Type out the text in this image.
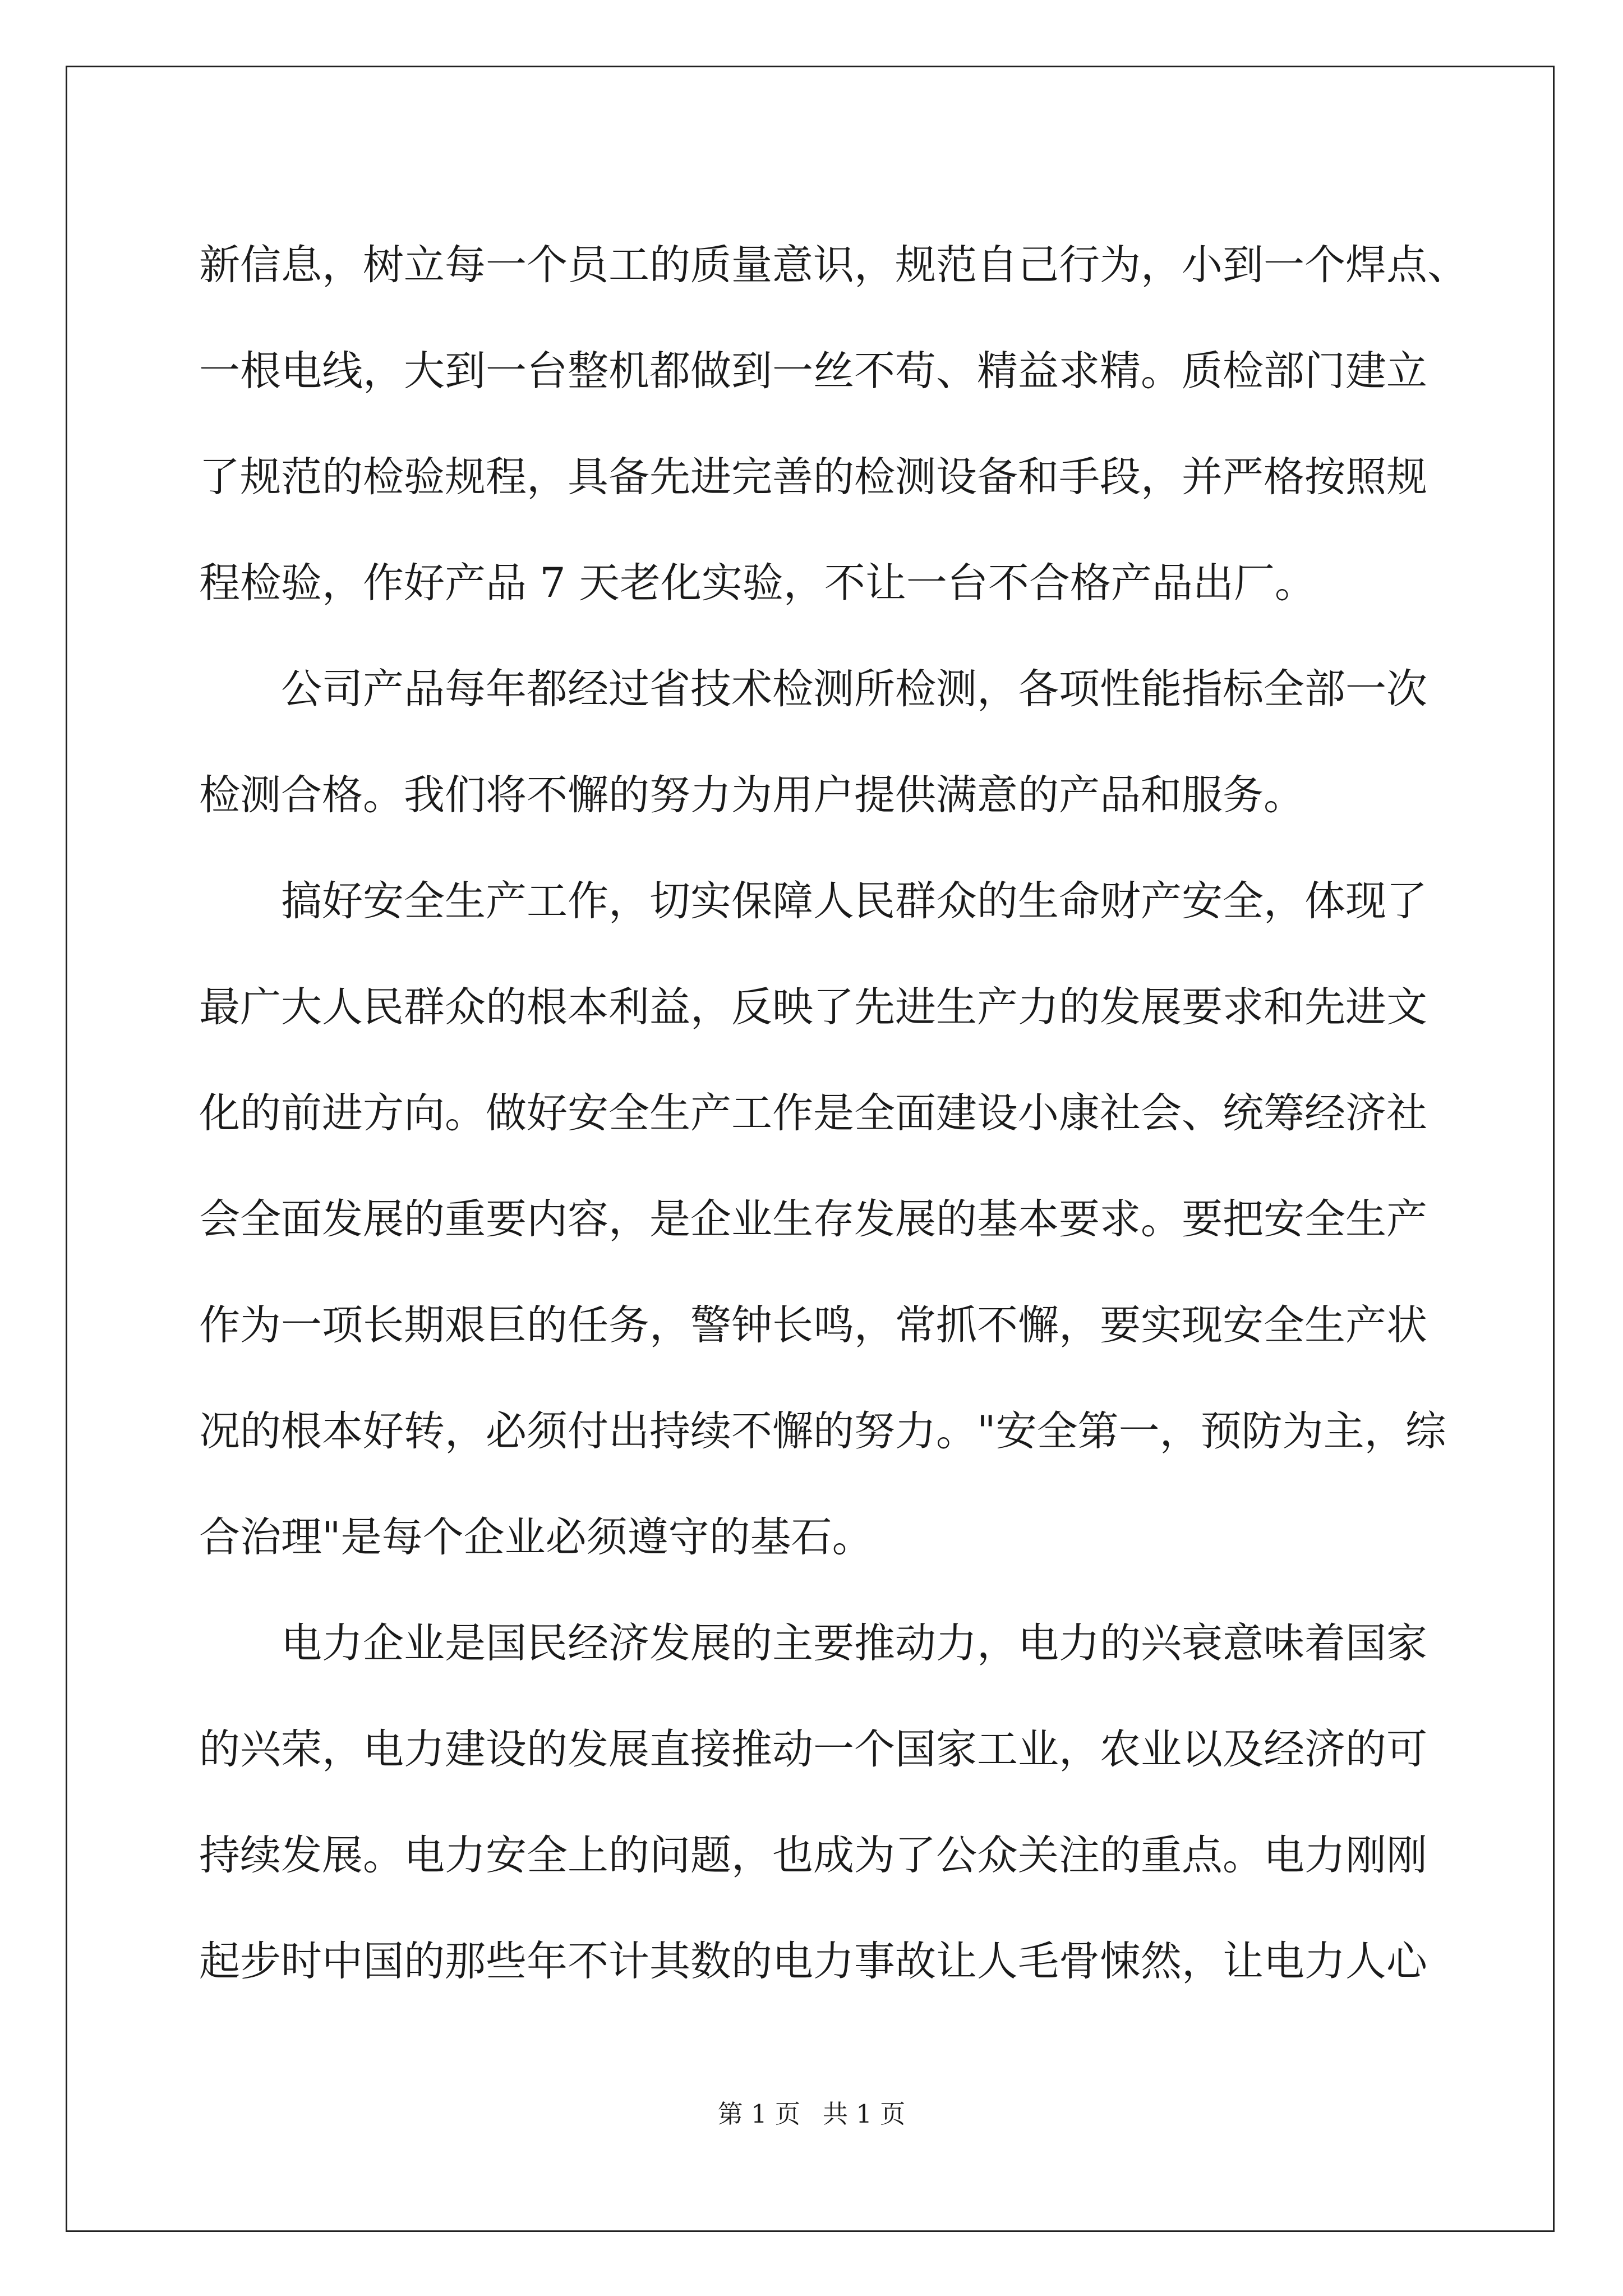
新信息，树立每一个员工的质量意识，规范自己行为，小到一个焊点、
一根电线，大到一台整机都做到一丝不苟、精益求精。质检部门建立
了规范的检验规程，具备先进完善的检测设备和手段，并严格按照规
程检验，作好产品 7 天老化实验，不让一台不合格产品出厂。
公司产品每年都经过省技术检测所检测，各项性能指标全部一次
检测合格。我们将不懈的努力为用户提供满意的产品和服务。
搞好安全生产工作，切实保障人民群众的生命财产安全，体现了
最广大人民群众的根本利益，反映了先进生产力的发展要求和先进文
化的前进方向。做好安全生产工作是全面建设小康社会、统筹经济社
会全面发展的重要内容，是企业生存发展的基本要求。要把安全生产
作为一项长期艰巨的任务，警钟长鸣，常抓不懈，要实现安全生产状
况的根本好转，必须付出持续不懈的努力。"安全第一，预防为主，综
合治理"是每个企业必须遵守的基石。
电力企业是国民经济发展的主要推动力，电力的兴衰意味着国家
的兴荣，电力建设的发展直接推动一个国家工业，农业以及经济的可
持续发展。电力安全上的问题，也成为了公众关注的重点。电力刚刚
起步时中国的那些年不计其数的电力事故让人毛骨悚然，让电力人心
第 1 页 共 1 页
